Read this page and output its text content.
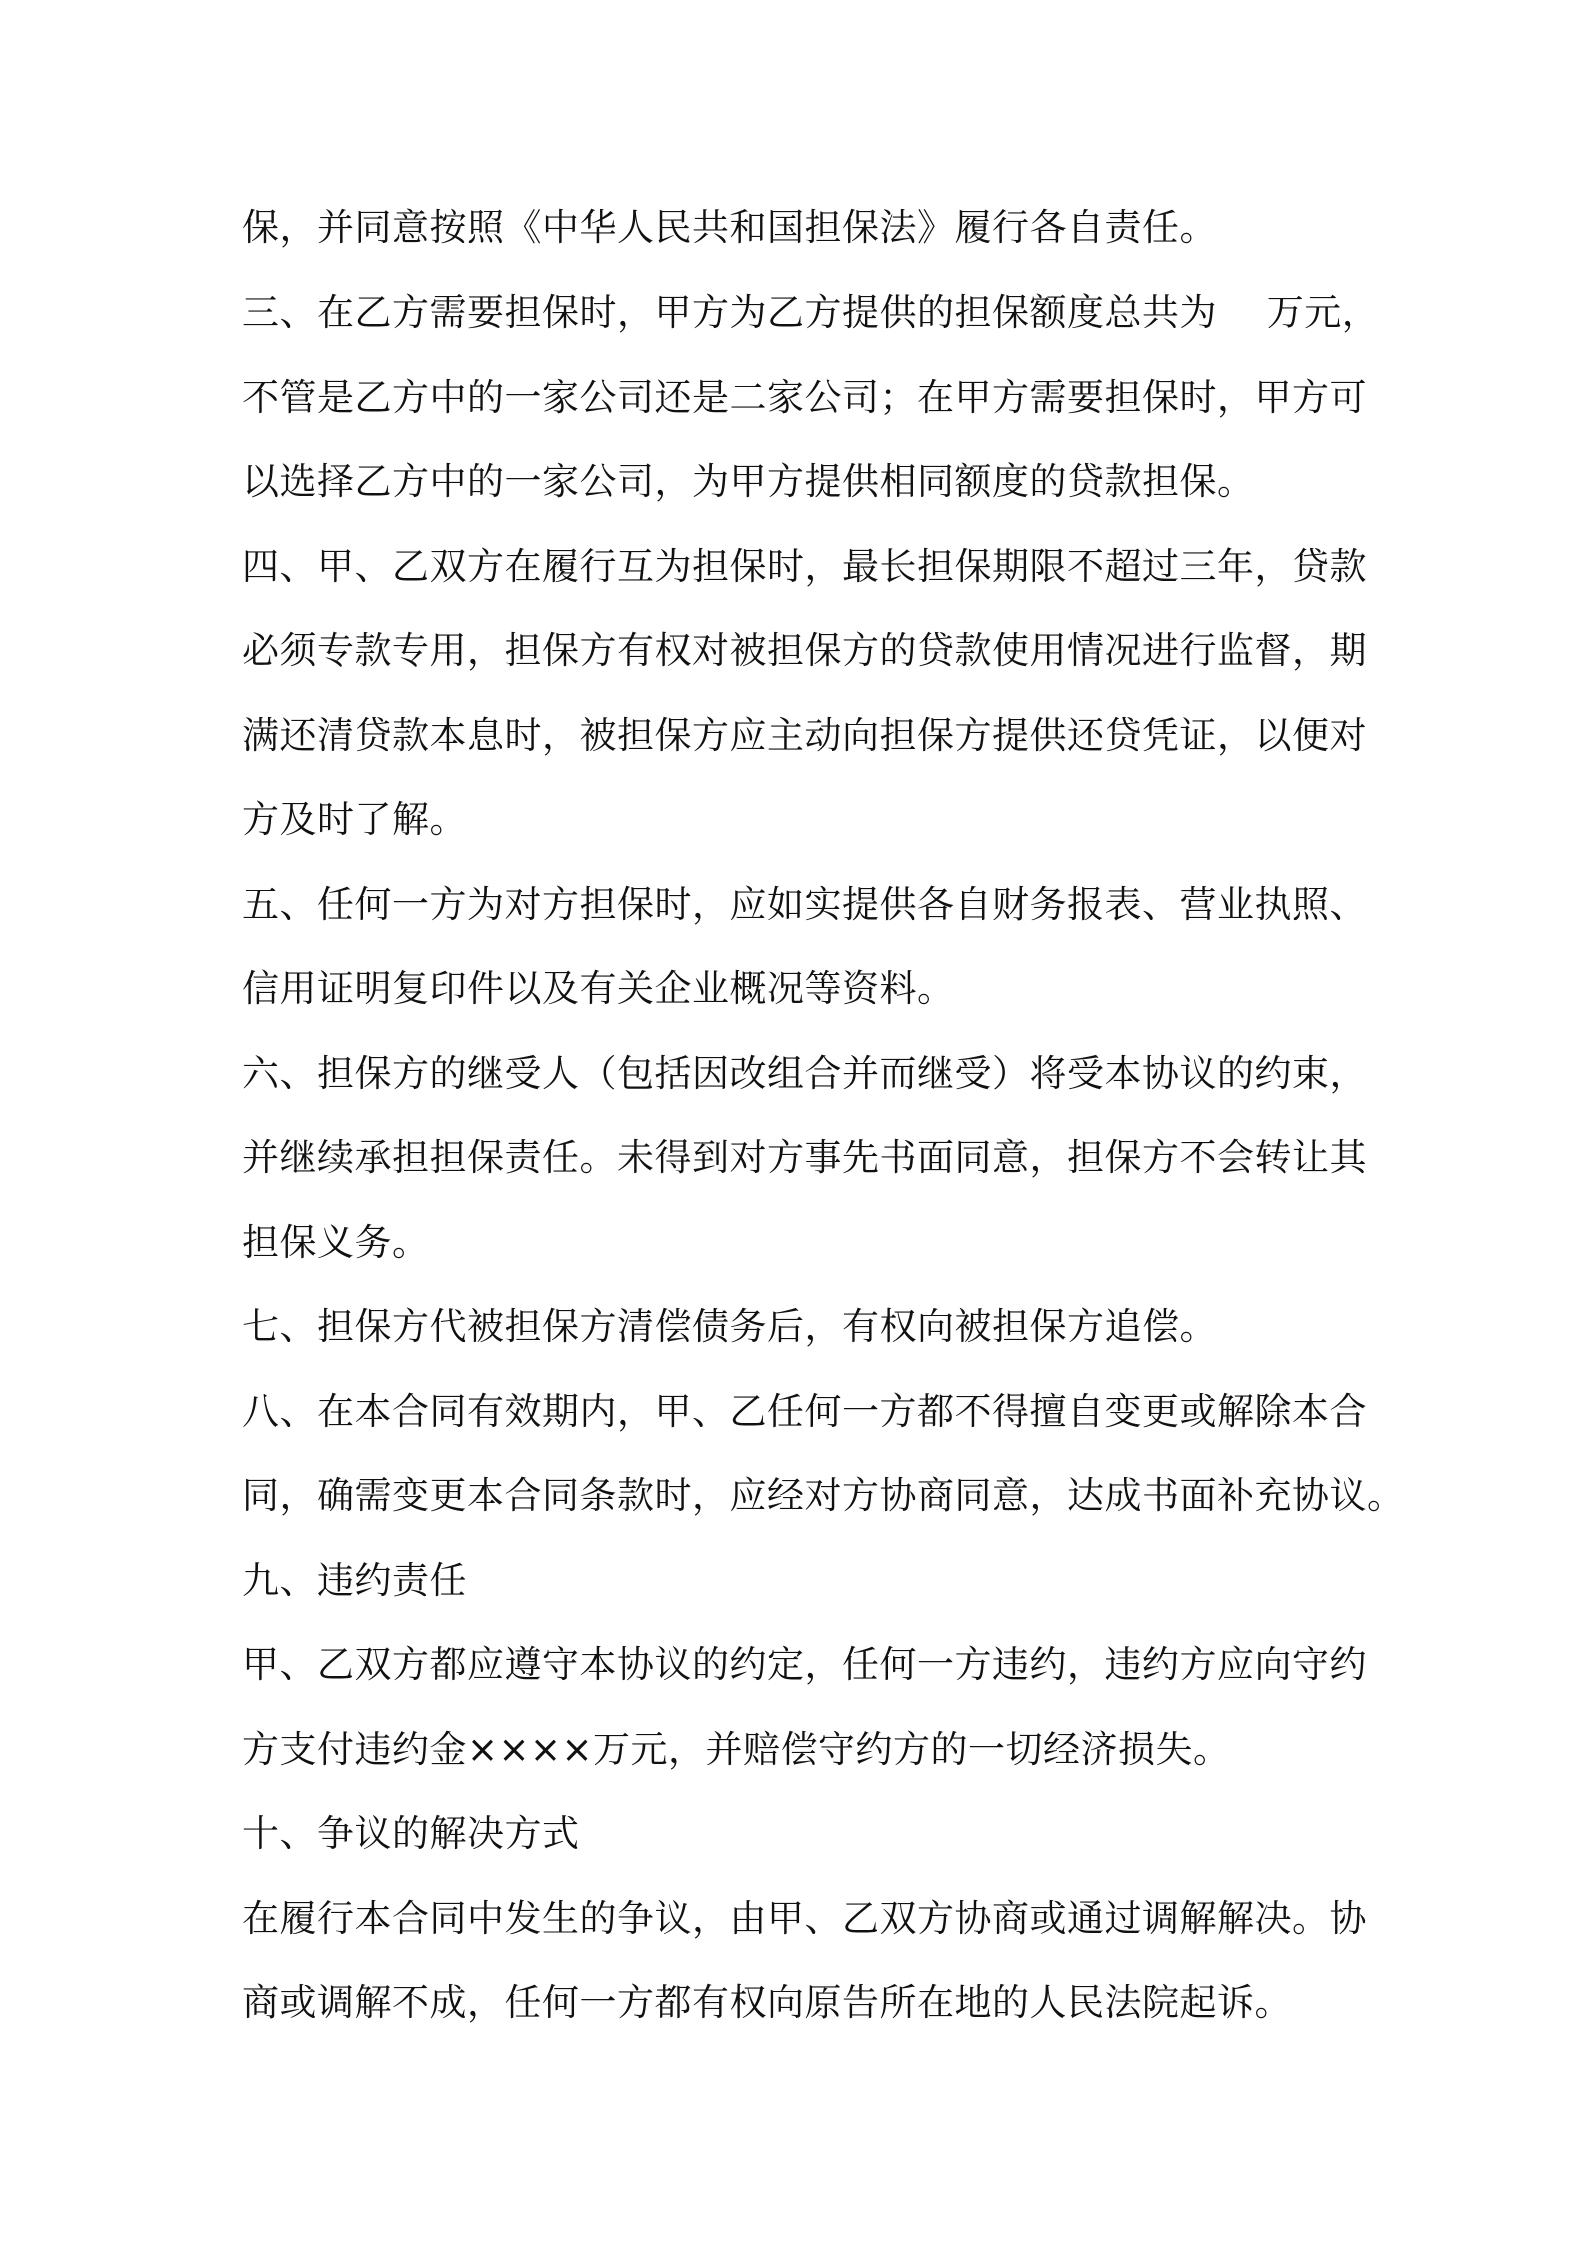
保，并同意按照《中华人民共和国担保法》履行各自责任。
三、在乙方需要担保时，甲方为乙方提供的担保额度总共为　 万元，
不管是乙方中的一家公司还是二家公司；在甲方需要担保时，甲方可
以选择乙方中的一家公司，为甲方提供相同额度的贷款担保。
四、甲、乙双方在履行互为担保时，最长担保期限不超过三年，贷款
必须专款专用，担保方有权对被担保方的贷款使用情况进行监督，期
满还清贷款本息时，被担保方应主动向担保方提供还贷凭证，以便对
方及时了解。
五、任何一方为对方担保时，应如实提供各自财务报表、营业执照、
信用证明复印件以及有关企业概况等资料。
六、担保方的继受人（包括因改组合并而继受）将受本协议的约束，
并继续承担担保责任。未得到对方事先书面同意，担保方不会转让其
担保义务。
七、担保方代被担保方清偿债务后，有权向被担保方追偿。
八、在本合同有效期内，甲、乙任何一方都不得擅自变更或解除本合
同，确需变更本合同条款时，应经对方协商同意，达成书面补充协议。
九、违约责任
甲、乙双方都应遵守本协议的约定，任何一方违约，违约方应向守约
方支付违约金××××万元，并赔偿守约方的一切经济损失。
十、争议的解决方式
在履行本合同中发生的争议，由甲、乙双方协商或通过调解解决。协
商或调解不成，任何一方都有权向原告所在地的人民法院起诉。
